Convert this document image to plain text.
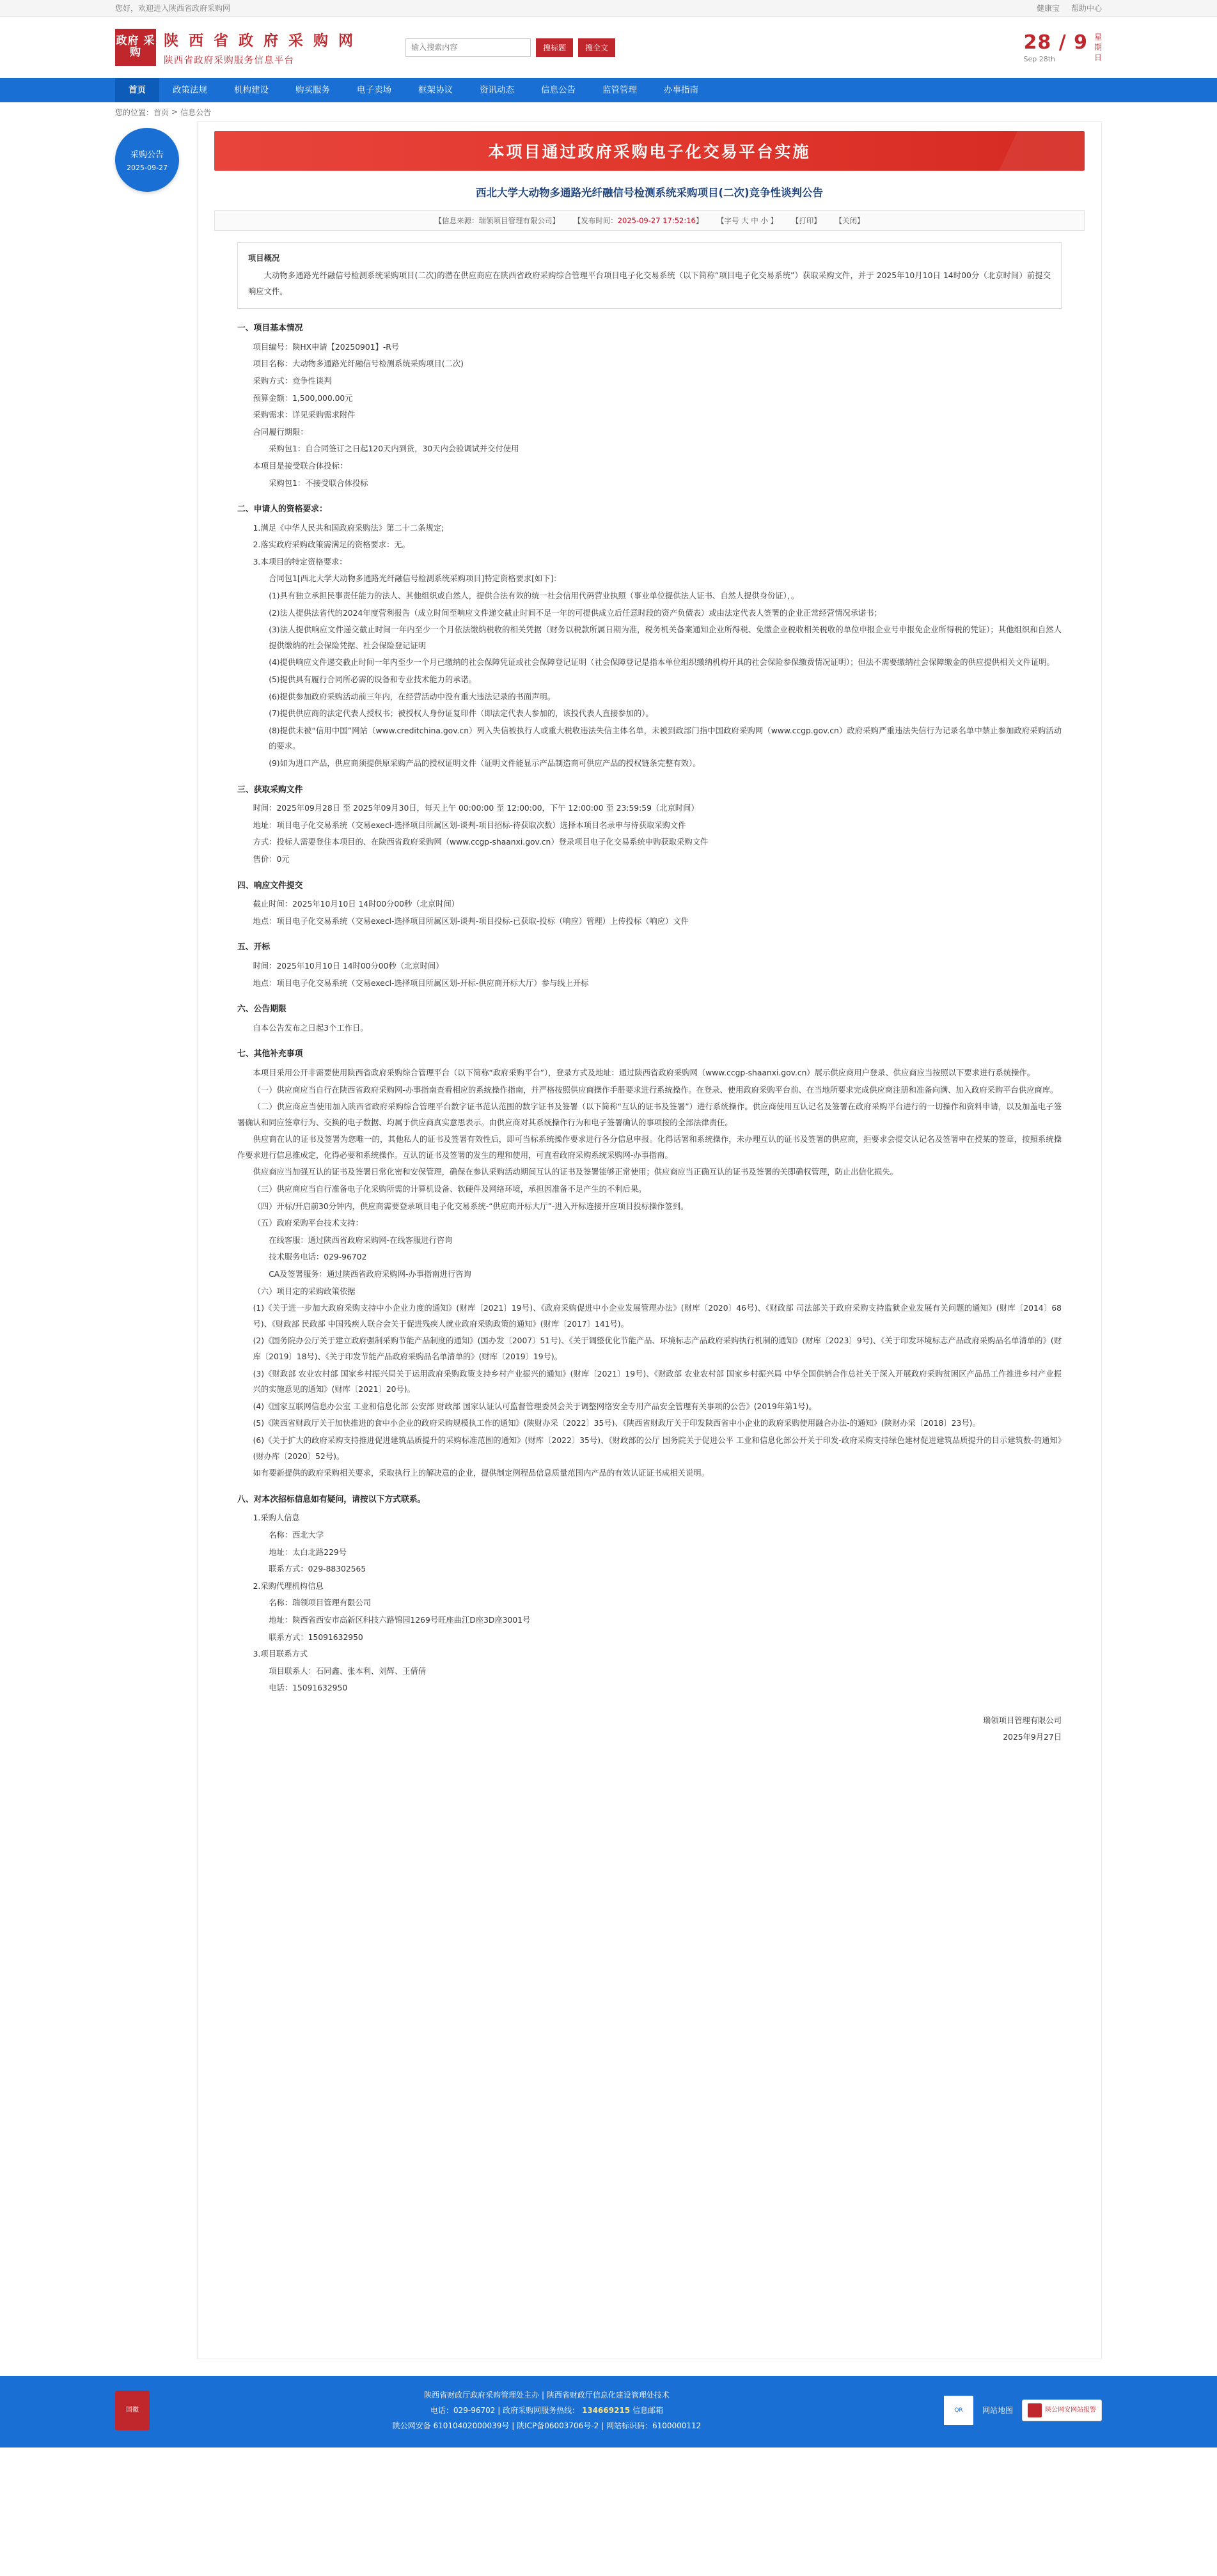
您好，欢迎进入陕西省政府采购网	健康宝 帮助中心
政府 采购
陕 西 省 政 府 采 购 网
陕西省政府采购服务信息平台
输入搜索内容
搜标题	搜全文	28 / 9
Sep 28th
星
期
日
首页	政策法规	机构建设	购买服务	电子卖场	框架协议	资讯动态	信息公告	监管管理	办事指南
您的位置： 首页 > 信息公告
采购公告
2025-09-27
本项目通过政府采购电子化交易平台实施
西北大学大动物多通路光纤融信号检测系统采购项目(二次)竞争性谈判公告
【信息来源：瑞领项目管理有限公司】 【发布时间：2025-09-27 17:52:16】 【字号 大 中 小 】 【打印】 【关闭】

项目概况

大动物多通路光纤融信号检测系统采购项目(二次)的潜在供应商应在陕西省政府采购综合管理平台项目电子化交易系统（以下简称“项目电子化交易系统”）获取采购文件，并于 2025年10月10日 14时00分（北京时间）前提交响应文件。

一、项目基本情况

项目编号：陕HX申请【20250901】-R号

项目名称：大动物多通路光纤融信号检测系统采购项目(二次)

采购方式：竞争性谈判

预算金额：1,500,000.00元

采购需求：详见采购需求附件

合同履行期限：

采购包1：自合同签订之日起120天内到货，30天内会验调试并交付使用

本项目是接受联合体投标：

采购包1：不接受联合体投标

二、申请人的资格要求：

1.满足《中华人民共和国政府采购法》第二十二条规定;

2.落实政府采购政策需满足的资格要求：无。

3.本项目的特定资格要求：

合同包1[西北大学大动物多通路光纤融信号检测系统采购项目]特定资格要求[如下]：

(1)具有独立承担民事责任能力的法人、其他组织或自然人，提供合法有效的统一社会信用代码营业执照（事业单位提供法人证书、自然人提供身份证），。

(2)法人提供法省代的2024年度营利报告（成立时间至响应文件递交截止时间不足一年的可提供成立后任意时段的资产负债表）或由法定代表人签署的企业正常经营情况承诺书；

(3)法人提供响应文件递交截止时间一年内至少一个月依法缴纳税收的相关凭据（财务以税款所属日期为准，税务机关备案通知企业所得税、免缴企业税收相关税收的单位申报企业号申报免企业所得税的凭证）；其他组织和自然人提供缴纳的社会保险凭据、社会保险登记证明

(4)提供响应文件递交截止时间一年内至少一个月已缴纳的社会保障凭证或社会保障登记证明（社会保障登记是指本单位组织缴纳机构开具的社会保险参保缴费情况证明）；但法不需要缴纳社会保障缴金的供应提供相关文件证明。

(5)提供具有履行合同所必需的设备和专业技术能力的承诺。

(6)提供参加政府采购活动前三年内，在经营活动中没有重大违法记录的书面声明。

(7)提供供应商的法定代表人授权书；被授权人身份证复印件（即法定代表人参加的，该投代表人直接参加的）。

(8)提供未被“信用中国”网站（www.creditchina.gov.cn）列入失信被执行人或重大税收违法失信主体名单，未被到政部门指中国政府采购网（www.ccgp.gov.cn）政府采购严重违法失信行为记录名单中禁止参加政府采购活动的要求。

(9)如为进口产品，供应商须提供原采购产品的授权证明文件（证明文件能显示产品制造商可供应产品的授权链条完整有效）。

三、获取采购文件

时间：2025年09月28日 至 2025年09月30日，每天上午 00:00:00 至 12:00:00，下午 12:00:00 至 23:59:59（北京时间）

地址：项目电子化交易系统（交易execl-选择项目所属区划-谈判-项目招标-待获取次数）选择本项目名录申与待获取采购文件

方式：投标人需要登住本项目的、在陕西省政府采购网（www.ccgp-shaanxi.gov.cn）登录项目电子化交易系统申购获取采购文件

售价：0元

四、响应文件提交

截止时间：2025年10月10日 14时00分00秒（北京时间）

地点：项目电子化交易系统（交易execl-选择项目所属区划-谈判-项目投标-已获取-投标（响应）管理）上传投标（响应）文件

五、开标

时间：2025年10月10日 14时00分00秒（北京时间）

地点：项目电子化交易系统（交易execl-选择项目所属区划-开标-供应商开标大厅）参与线上开标

六、公告期限

自本公告发布之日起3个工作日。

七、其他补充事项

本项目采用公开非需要使用陕西省政府采购综合管理平台（以下简称“政府采购平台”），登录方式及地址：通过陕西省政府采购网（www.ccgp-shaanxi.gov.cn）展示供应商用户登录、供应商应当按照以下要求进行系统操作。

（一）供应商应当自行在陕西省政府采购网-办事指南查看相应的系统操作指南，并严格按照供应商操作手册要求进行系统操作。在登录、使用政府采购平台前、在当地所要求完成供应商注册和准备向满、加入政府采购平台供应商库。

（二）供应商应当使用加入陕西省政府采购综合管理平台数字证书范认范围的数字证书及签署（以下简称“互认的证书及签署”）进行系统操作。供应商使用互认记名及签署在政府采购平台进行的一切操作和资料申请，以及加盖电子签署确认和同应签章行为、交换的电子数据、均属于供应商真实意思表示。由供应商对其系统操作行为和电子签署确认的事项按的全部法律责任。

供应商在认的证书及签署为您唯一的，其他私人的证书及签署有效性后，即可当标系统操作要求进行各分信息申报。化得话署和系统操作，未办理互认的证书及签署的供应商，拒要求会提交认记名及签署申在授某的签章，按照系统操作要求进行信息推成定，化得必要和系统操作。互认的证书及签署的发生的理和使用，可直看政府采购系统采购网-办事指南。

供应商应当加强互认的证书及签署日常化密和安保管理，确保在参认采购活动期间互认的证书及签署能够正常使用；供应商应当正确互认的证书及签署的关即确权管理，防止出信化损失。

（三）供应商应当自行准备电子化采购所需的计算机设备、软硬件及网络环境，承担因准备不足产生的不利后果。

（四）开标/开启前30分钟内，供应商需要登录项目电子化交易系统-“供应商开标大厅”-进入开标连接开应项目投标操作签到。

（五）政府采购平台技术支持：

在线客服：通过陕西省政府采购网-在线客服进行咨询

技术服务电话：029-96702

CA及签署服务：通过陕西省政府采购网-办事指南进行咨询

（六）项目定的采购政策依据

(1)《关于进一步加大政府采购支持中小企业力度的通知》(财库〔2021〕19号)、《政府采购促进中小企业发展管理办法》(财库〔2020〕46号)、《财政部 司法部关于政府采购支持监狱企业发展有关问题的通知》(财库〔2014〕68号)、《财政部 民政部 中国残疾人联合会关于促进残疾人就业政府采购政策的通知》(财库〔2017〕141号)。

(2)《国务院办公厅关于建立政府强制采购节能产品制度的通知》(国办发〔2007〕51号)、《关于调整优化节能产品、环境标志产品政府采购执行机制的通知》(财库〔2023〕9号)、《关于印发环境标志产品政府采购品名单清单的》(财库〔2019〕18号)、《关于印发节能产品政府采购品名单清单的》(财库〔2019〕19号)。

(3)《财政部 农业农村部 国家乡村振兴局关于运用政府采购政策支持乡村产业振兴的通知》(财库〔2021〕19号)、《财政部 农业农村部 国家乡村振兴局 中华全国供销合作总社关于深入开展政府采购贫困区产品品工作推进乡村产业振兴的实施意见的通知》(财库〔2021〕20号)。

(4)《国家互联网信息办公室 工业和信息化部 公安部 财政部 国家认证认可监督管理委员会关于调整网络安全专用产品安全管理有关事项的公告》(2019年第1号)。

(5)《陕西省财政厅关于加快推进的食中小企业的政府采购规模执工作的通知》(陕财办采〔2022〕35号)、《陕西省财政厅关于印发陕西省中小企业的政府采购使用融合办法-的通知》(陕财办采〔2018〕23号)。

(6)《关于扩大的政府采购支持推进促进建筑品质提升的采购标准范围的通知》(财库〔2022〕35号)、《财政部的公厅 国务院关于促进公平 工业和信息化部公开关于印发-政府采购支持绿色建材促进建筑品质提升的目示建筑数-的通知》(财办库〔2020〕52号)。

如有要新提供的政府采购相关要求，采取执行上的解决意的企业，提供制定例程品信息质量范围内产品的有效认证证书成相关说明。

八、对本次招标信息如有疑问，请按以下方式联系。

1.采购人信息

名称：西北大学

地址：太白北路229号

联系方式：029-88302565

2.采购代理机构信息

名称：瑞领项目管理有限公司

地址：陕西省西安市高新区科技六路锦园1269号旺座曲江D座3D座3001号

联系方式：15091632950

3.项目联系方式

项目联系人：石同鑫、张本利、刘辉、王倩倩

电话：15091632950

瑞领项目管理有限公司

2025年9月27日

国徽
陕西省财政厅政府采购管理处主办 | 陕西省财政厅信息化建设管理处技术
电话：029-96702 | 政府采购网服务热线： 134669215 信息邮箱
陕公网安备 61010402000039号 | 陕ICP备06003706号-2 | 网站标识码：6100000112
QR	网站地图	陕公网安网站报警
